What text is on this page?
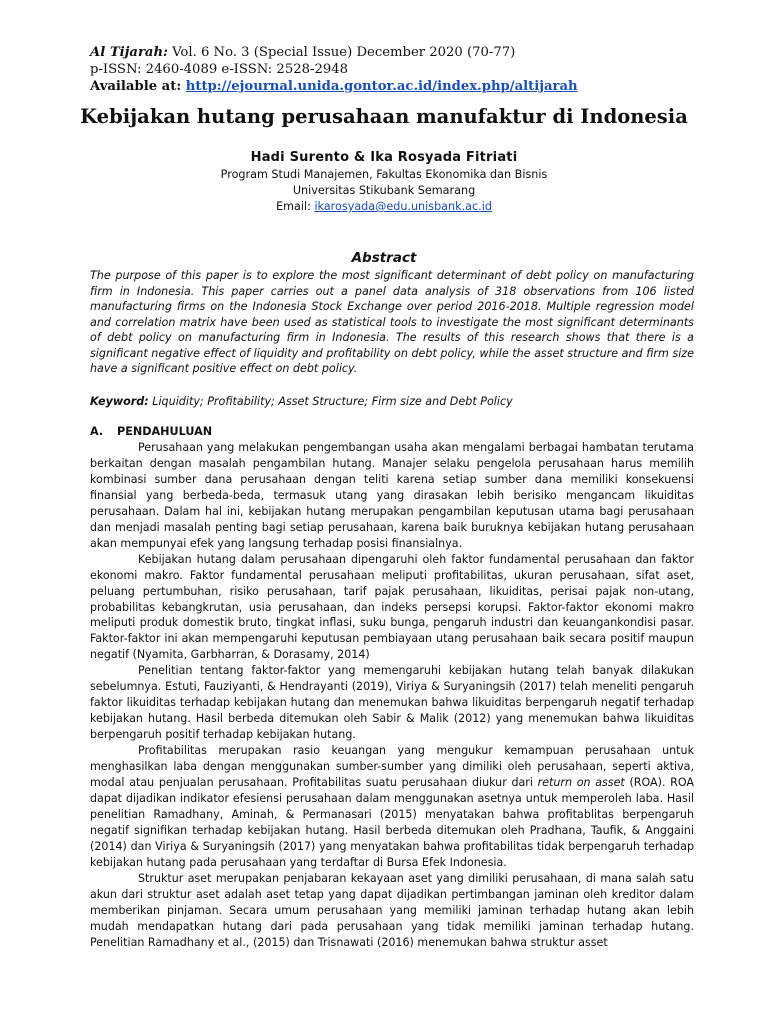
Al Tijarah: Vol. 6 No. 3 (Special Issue) December 2020 (70-77)
p-ISSN: 2460-4089 e-ISSN: 2528-2948
Available at: http://ejournal.unida.gontor.ac.id/index.php/altijarah
Kebijakan hutang perusahaan manufaktur di Indonesia
Hadi Surento & Ika Rosyada Fitriati
Program Studi Manajemen, Fakultas Ekonomika dan Bisnis
Universitas Stikubank Semarang
Email: ikarosyada@edu.unisbank.ac.id
Abstract
The purpose of this paper is to explore the most significant determinant of debt policy on manufacturing firm in Indonesia. This paper carries out a panel data analysis of 318 observations from 106 listed manufacturing firms on the Indonesia Stock Exchange over period 2016-2018. Multiple regression model and correlation matrix have been used as statistical tools to investigate the most significant determinants of debt policy on manufacturing firm in Indonesia. The results of this research shows that there is a significant negative effect of liquidity and profitability on debt policy, while the asset structure and firm size have a significant positive effect on debt policy.
Keyword: Liquidity; Profitability; Asset Structure; Firm size and Debt Policy
A. PENDAHULUAN

Perusahaan yang melakukan pengembangan usaha akan mengalami berbagai hambatan terutama berkaitan dengan masalah pengambilan hutang. Manajer selaku pengelola perusahaan harus memilih kombinasi sumber dana perusahaan dengan teliti karena setiap sumber dana memiliki konsekuensi finansial yang berbeda-beda, termasuk utang yang dirasakan lebih berisiko mengancam likuiditas perusahaan. Dalam hal ini, kebijakan hutang merupakan pengambilan keputusan utama bagi perusahaan dan menjadi masalah penting bagi setiap perusahaan, karena baik buruknya kebijakan hutang perusahaan akan mempunyai efek yang langsung terhadap posisi finansialnya.

Kebijakan hutang dalam perusahaan dipengaruhi oleh faktor fundamental perusahaan dan faktor ekonomi makro. Faktor fundamental perusahaan meliputi profitabilitas, ukuran perusahaan, sifat aset, peluang pertumbuhan, risiko perusahaan, tarif pajak perusahaan, likuiditas, perisai pajak non-utang, probabilitas kebangkrutan, usia perusahaan, dan indeks persepsi korupsi. Faktor-faktor ekonomi makro meliputi produk domestik bruto, tingkat inflasi, suku bunga, pengaruh industri dan keuangankondisi pasar. Faktor-faktor ini akan mempengaruhi keputusan pembiayaan utang perusahaan baik secara positif maupun negatif (Nyamita, Garbharran, & Dorasamy, 2014)

Penelitian tentang faktor-faktor yang memengaruhi kebijakan hutang telah banyak dilakukan sebelumnya. Estuti, Fauziyanti, & Hendrayanti (2019), Viriya & Suryaningsih (2017) telah meneliti pengaruh faktor likuiditas terhadap kebijakan hutang dan menemukan bahwa likuiditas berpengaruh negatif terhadap kebijakan hutang. Hasil berbeda ditemukan oleh Sabir & Malik (2012) yang menemukan bahwa likuiditas berpengaruh positif terhadap kebijakan hutang.

Profitabilitas merupakan rasio keuangan yang mengukur kemampuan perusahaan untuk menghasilkan laba dengan menggunakan sumber-sumber yang dimiliki oleh perusahaan, seperti aktiva, modal atau penjualan perusahaan. Profitabilitas suatu perusahaan diukur dari return on asset (ROA). ROA dapat dijadikan indikator efesiensi perusahaan dalam menggunakan asetnya untuk memperoleh laba. Hasil penelitian Ramadhany, Aminah, & Permanasari (2015) menyatakan bahwa profitablitas berpengaruh negatif signifikan terhadap kebijakan hutang. Hasil berbeda ditemukan oleh Pradhana, Taufik, & Anggaini (2014) dan Viriya & Suryaningsih (2017) yang menyatakan bahwa profitabilitas tidak berpengaruh terhadap kebijakan hutang pada perusahaan yang terdaftar di Bursa Efek Indonesia.

Struktur aset merupakan penjabaran kekayaan aset yang dimiliki perusahaan, di mana salah satu akun dari struktur aset adalah aset tetap yang dapat dijadikan pertimbangan jaminan oleh kreditor dalam memberikan pinjaman. Secara umum perusahaan yang memiliki jaminan terhadap hutang akan lebih mudah mendapatkan hutang dari pada perusahaan yang tidak memiliki jaminan terhadap hutang. Penelitian Ramadhany et al., (2015) dan Trisnawati (2016) menemukan bahwa struktur asset
